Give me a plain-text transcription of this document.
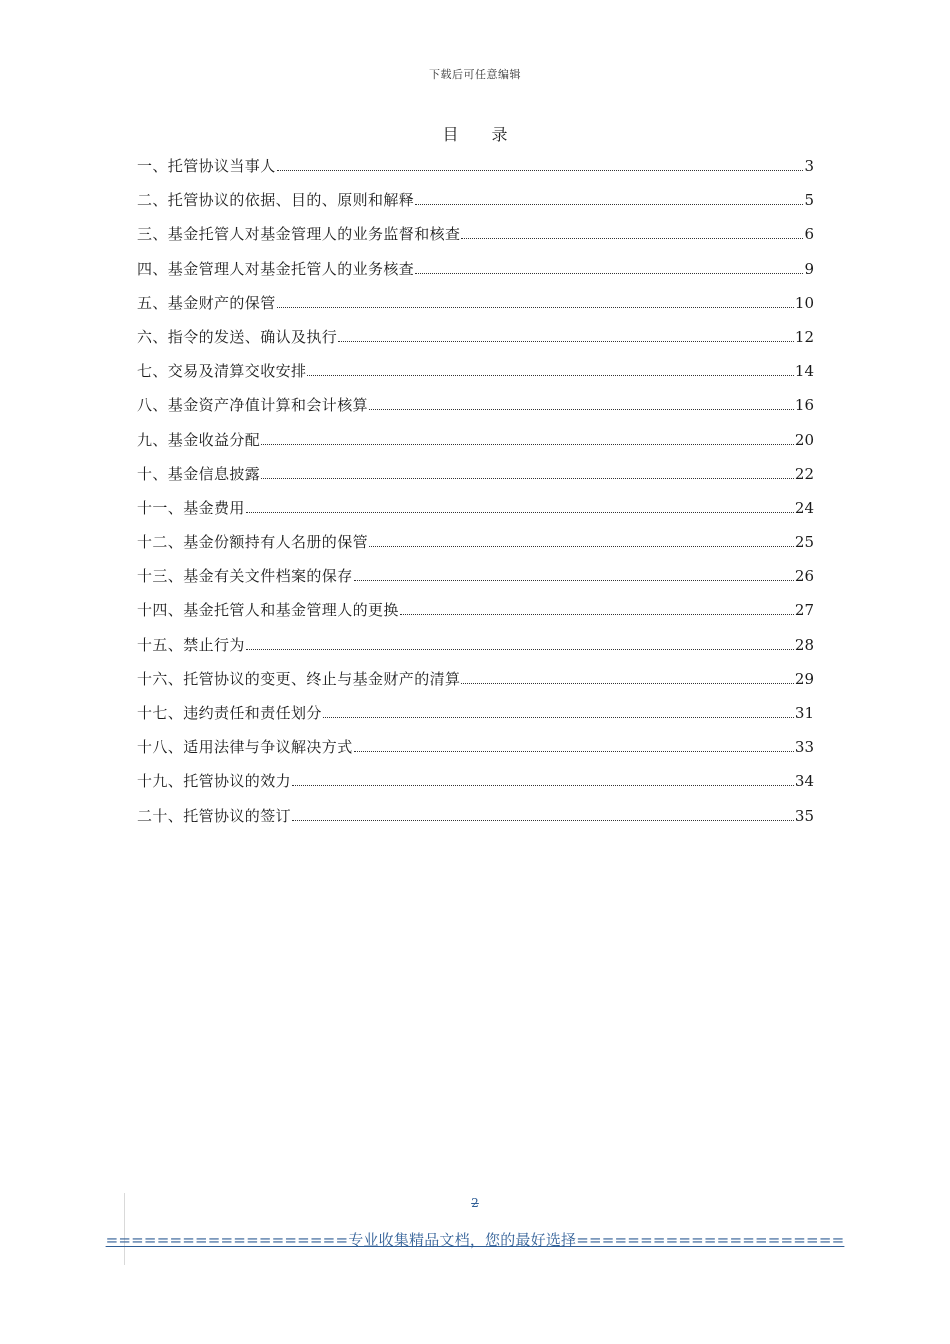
下载后可任意编辑
目 录
一、托管协议当事人	3
二、托管协议的依据、目的、原则和解释	5
三、基金托管人对基金管理人的业务监督和核查	6
四、基金管理人对基金托管人的业务核查	9
五、基金财产的保管	10
六、指令的发送、确认及执行	12
七、交易及清算交收安排	14
八、基金资产净值计算和会计核算	16
九、基金收益分配	20
十、基金信息披露	22
十一、基金费用	24
十二、基金份额持有人名册的保管	25
十三、基金有关文件档案的保存	26
十四、基金托管人和基金管理人的更换	27
十五、禁止行为	28
十六、托管协议的变更、终止与基金财产的清算	29
十七、违约责任和责任划分	31
十八、适用法律与争议解决方式	33
十九、托管协议的效力	34
二十、托管协议的签订	35
2
===================专业收集精品文档，您的最好选择=====================
